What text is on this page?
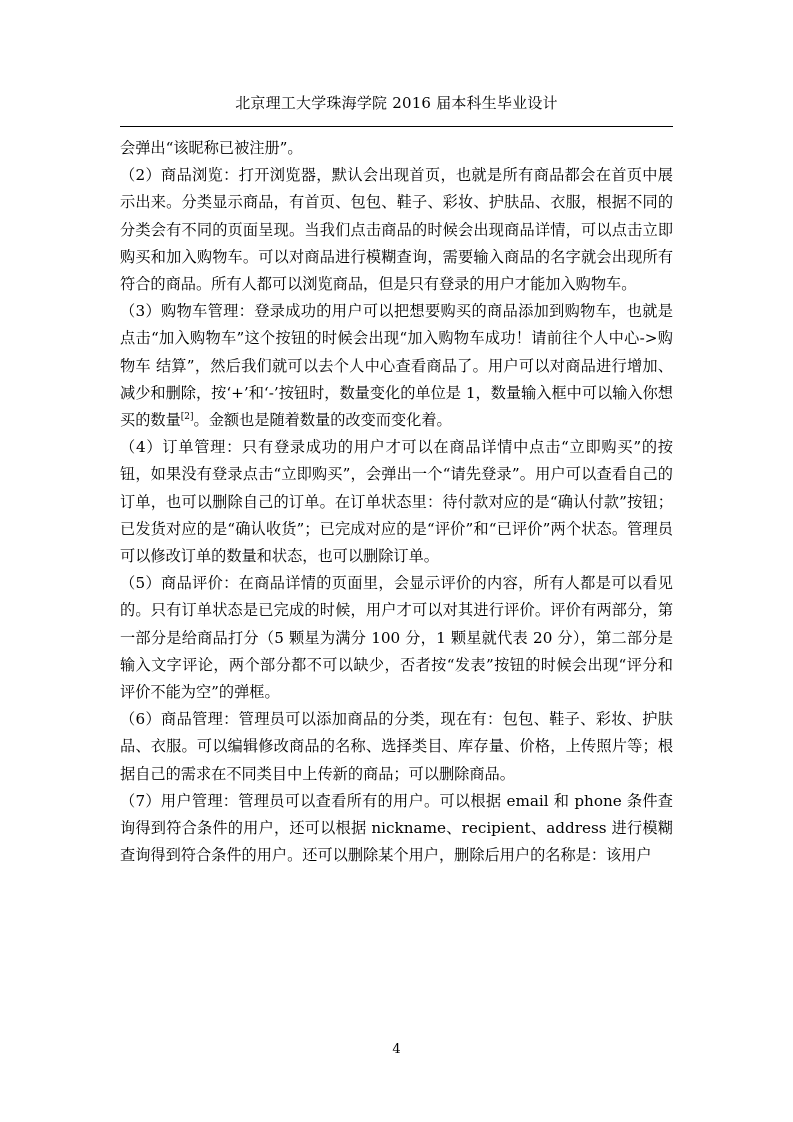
北京理工大学珠海学院 2016 届本科生毕业设计

会弹出“该昵称已被注册”。

（2）商品浏览：打开浏览器，默认会出现首页，也就是所有商品都会在首页中展示出来。分类显示商品，有首页、包包、鞋子、彩妆、护肤品、衣服，根据不同的分类会有不同的页面呈现。当我们点击商品的时候会出现商品详情，可以点击立即购买和加入购物车。可以对商品进行模糊查询，需要输入商品的名字就会出现所有符合的商品。所有人都可以浏览商品，但是只有登录的用户才能加入购物车。

（3）购物车管理：登录成功的用户可以把想要购买的商品添加到购物车，也就是点击“加入购物车”这个按钮的时候会出现“加入购物车成功！请前往个人中心->购物车 结算”，然后我们就可以去个人中心查看商品了。用户可以对商品进行增加、减少和删除，按‘+’和‘-’按钮时，数量变化的单位是 1，数量输入框中可以输入你想买的数量[2]。金额也是随着数量的改变而变化着。

（4）订单管理：只有登录成功的用户才可以在商品详情中点击“立即购买”的按钮，如果没有登录点击“立即购买”，会弹出一个“请先登录”。用户可以查看自己的订单，也可以删除自己的订单。在订单状态里：待付款对应的是“确认付款”按钮；已发货对应的是“确认收货”；已完成对应的是“评价”和“已评价”两个状态。管理员可以修改订单的数量和状态，也可以删除订单。

（5）商品评价：在商品详情的页面里，会显示评价的内容，所有人都是可以看见的。只有订单状态是已完成的时候，用户才可以对其进行评价。评价有两部分，第一部分是给商品打分（5 颗星为满分 100 分，1 颗星就代表 20 分），第二部分是输入文字评论，两个部分都不可以缺少，否者按“发表”按钮的时候会出现“评分和评价不能为空”的弹框。

（6）商品管理：管理员可以添加商品的分类，现在有：包包、鞋子、彩妆、护肤品、衣服。可以编辑修改商品的名称、选择类目、库存量、价格，上传照片等；根据自己的需求在不同类目中上传新的商品；可以删除商品。

（7）用户管理：管理员可以查看所有的用户。可以根据 email 和 phone 条件查询得到符合条件的用户，还可以根据 nickname、recipient、address 进行模糊查询得到符合条件的用户。还可以删除某个用户，删除后用户的名称是：该用户

4
